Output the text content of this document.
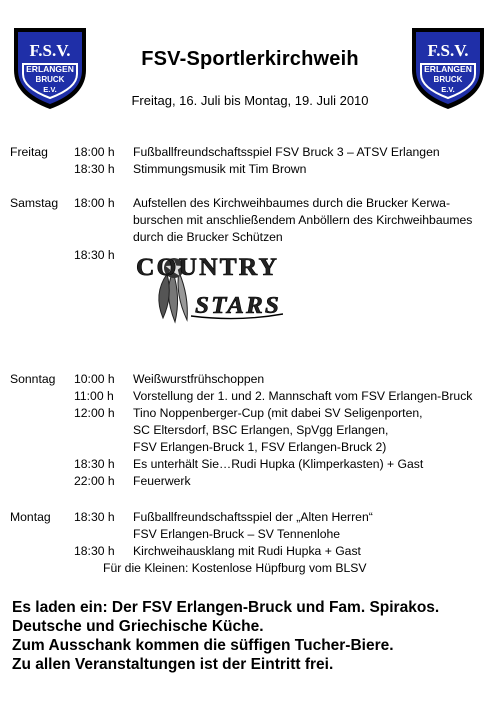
F.S.V.
ERLANGEN
BRUCK
E.V.
F.S.V.
ERLANGEN
BRUCK
E.V.
FSV-Sportlerkirchweih
Freitag, 16. Juli bis Montag, 19. Juli 2010
Freitag 18:00 h Fußballfreundschaftsspiel FSV Bruck 3 – ATSV Erlangen
18:30 h Stimmungsmusik mit Tim Brown
Samstag 18:00 h Aufstellen des Kirchweihbaumes durch die Brucker Kerwa-
burschen mit anschließendem Anböllern des Kirchweihbaumes
durch die Brucker Schützen
18:30 h COUNTRY
STARS
Sonntag 10:00 h Weißwurstfrühschoppen
11:00 h Vorstellung der 1. und 2. Mannschaft vom FSV Erlangen-Bruck
12:00 h Tino Noppenberger-Cup (mit dabei SV Seligenporten,
SC Eltersdorf, BSC Erlangen, SpVgg Erlangen,
FSV Erlangen-Bruck 1, FSV Erlangen-Bruck 2)
18:30 h Es unterhält Sie…Rudi Hupka (Klimperkasten) + Gast
22:00 h Feuerwerk
Montag 18:30 h Fußballfreundschaftsspiel der „Alten Herren“
FSV Erlangen-Bruck – SV Tennenlohe
18:30 h Kirchweihausklang mit Rudi Hupka + Gast
Für die Kleinen: Kostenlose Hüpfburg vom BLSV
Es laden ein: Der FSV Erlangen-Bruck und Fam. Spirakos.
Deutsche und Griechische Küche.
Zum Ausschank kommen die süffigen Tucher-Biere.
Zu allen Veranstaltungen ist der Eintritt frei.
